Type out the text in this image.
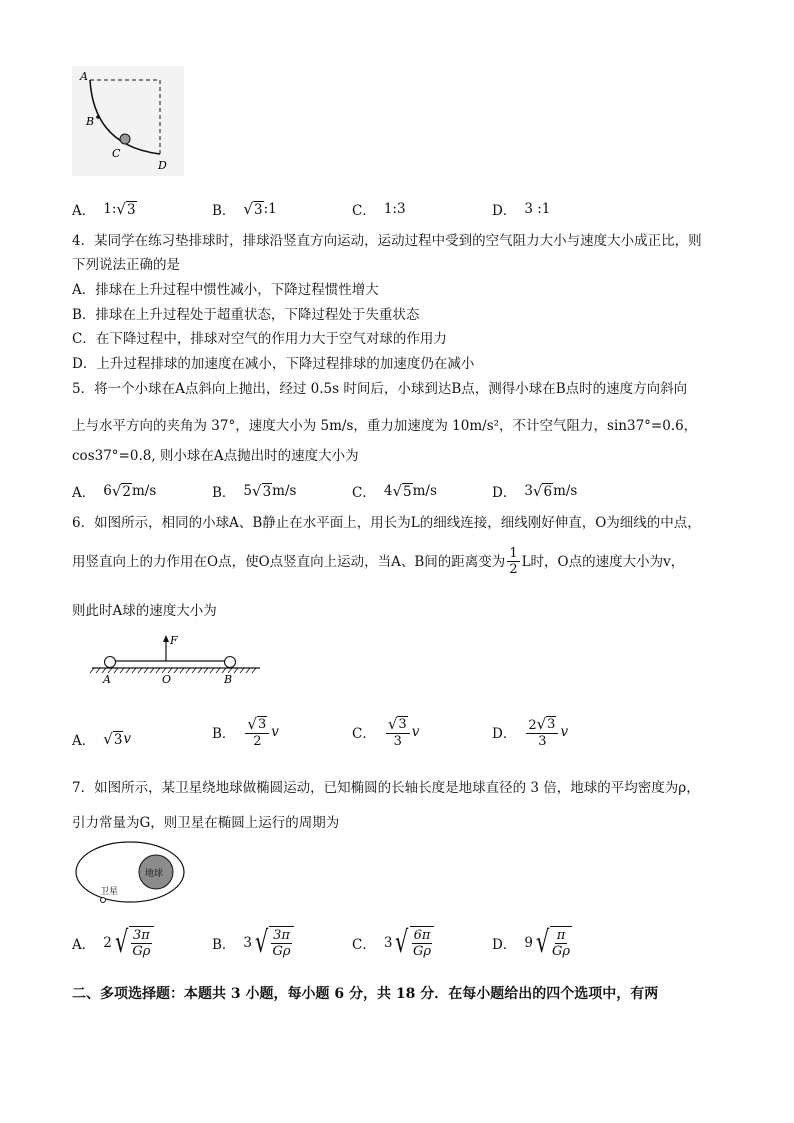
A
B
C
D
A． 1: √ 3	B． √ 3 :1	C． 1:3	D． 3 :1
4．某同学在练习垫排球时，排球沿竖直方向运动，运动过程中受到的空气阻力大小与速度大小成正比，则
下列说法正确的是
A．排球在上升过程中惯性减小，下降过程惯性增大
B．排球在上升过程处于超重状态，下降过程处于失重状态
C．在下降过程中，排球对空气的作用力大于空气对球的作用力
D．上升过程排球的加速度在减小，下降过程排球的加速度仍在减小
5．将一个小球在A点斜向上抛出，经过 0.5s 时间后，小球到达B点，测得小球在B点时的速度方向斜向
上与水平方向的夹角为 37°，速度大小为 5m/s，重力加速度为 10m/s²，不计空气阻力，sin37°=0.6，
cos37°=0.8, 则小球在A点抛出时的速度大小为
A． 6 √ 2 m/s	B． 5 √ 3 m/s	C． 4 √ 5 m/s	D． 3 √ 6 m/s
6．如图所示，相同的小球A、B静止在水平面上，用长为L的细线连接，细线刚好伸直，O为细线的中点，
用竖直向上的力作用在O点，使O点竖直向上运动，当A、B间的距离变为 $\frac{1}{2}$ L时，O点的速度大小为v，
则此时A球的速度大小为
F
A	O	B
A． √ 3 v	B． $\frac{√ 3}{2}$ v	C． $\frac{√ 3}{3}$ v	D． $\frac{2 √ 3}{3}$ v
7．如图所示，某卫星绕地球做椭圆运动，已知椭圆的长轴长度是地球直径的 3 倍，地球的平均密度为ρ，
引力常量为G，则卫星在椭圆上运行的周期为
地球
卫星
A． 2 √ $\frac{3\pi}{G\rho}$	B． 3 √ $\frac{3\pi}{G\rho}$	C． 3 √ $\frac{6\pi}{G\rho}$	D． 9 √ $\frac{\pi}{G\rho}$
二、多项选择题：本题共 3 小题，每小题 6 分，共 18 分．在每小题给出的四个选项中，有两
